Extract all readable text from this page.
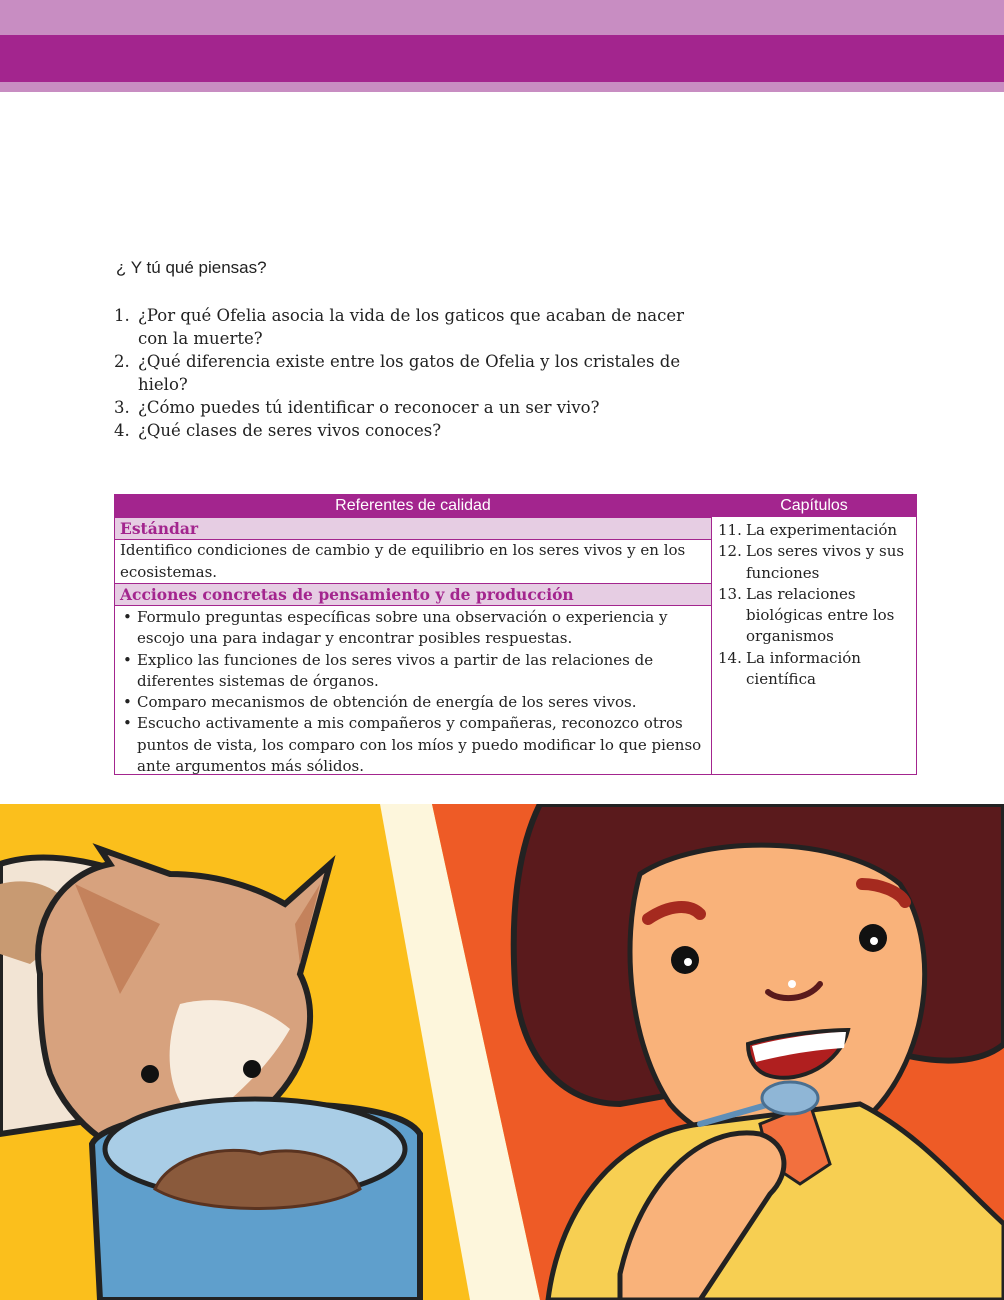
¿ Y tú qué piensas?
1. ¿Por qué Ofelia asocia la vida de los gaticos que acaban de nacer con la muerte?
2. ¿Qué diferencia existe entre los gatos de Ofelia y los cristales de hielo?
3. ¿Cómo puedes tú identificar o reconocer a un ser vivo?
4. ¿Qué clases de seres vivos conoces?
Referentes de calidad
Estándar
Identifico condiciones de cambio y de equilibrio en los seres vivos y en los ecosistemas.
Acciones concretas de pensamiento y de producción
• Formulo preguntas específicas sobre una observación o experiencia y escojo una para indagar y encontrar posibles respuestas.
• Explico las funciones de los seres vivos a partir de las relaciones de diferentes sistemas de órganos.
• Comparo mecanismos de obtención de energía de los seres vivos.
• Escucho activamente a mis compañeros y compañeras, reconozco otros puntos de vista, los comparo con los míos y puedo modificar lo que pienso ante argumentos más sólidos.
Capítulos
11. La experimentación
12. Los seres vivos y sus funciones
13. Las relaciones biológicas entre los organismos
14. La información científica
